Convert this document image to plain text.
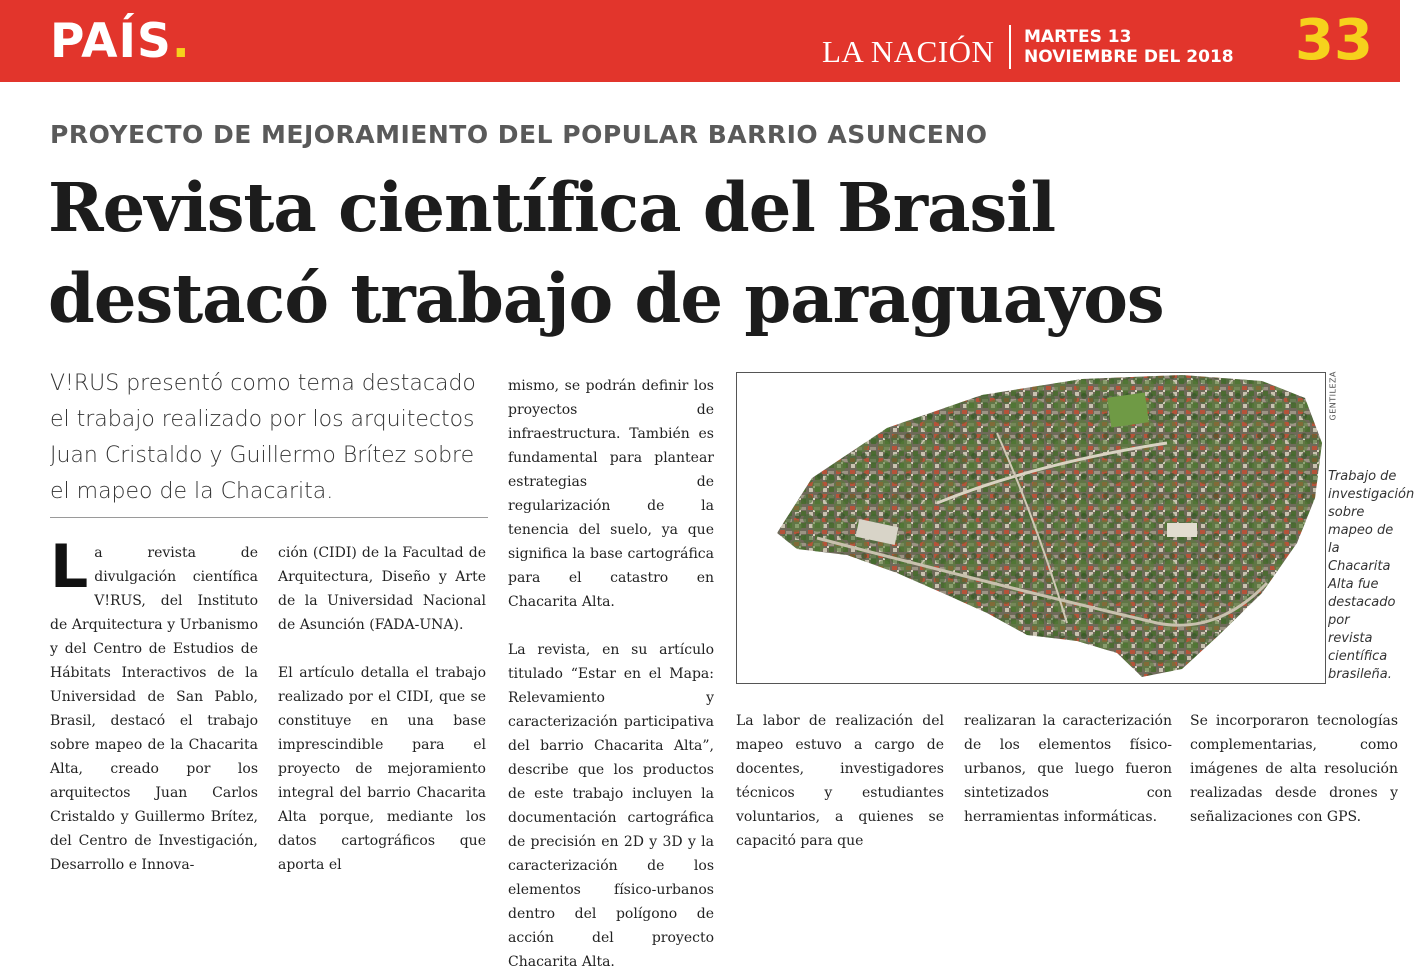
PAÍS.	LA NACIÓN MARTES 13
NOVIEMBRE DEL 2018 33
PROYECTO DE MEJORAMIENTO DEL POPULAR BARRIO ASUNCENO
Revista científica del Brasil
destacó trabajo de paraguayos
V!RUS presentó como tema destacado el trabajo realizado por los arquitectos Juan Cristaldo y Guillermo Brítez sobre el mapeo de la Chacarita.
L a revista de divulgación científica V!RUS, del Instituto de Arquitectura y Urbanismo y del Centro de Estudios de Hábitats Interactivos de la Universidad de San Pablo, Brasil, destacó el trabajo sobre mapeo de la Chacarita Alta, creado por los arquitectos Juan Carlos Cristaldo y Guillermo Brítez, del Centro de Investigación, Desarrollo e Innova-

ción (CIDI) de la Facultad de Arquitectura, Diseño y Arte de la Universidad Nacional de Asunción (FADA-UNA).

El artículo detalla el trabajo realizado por el CIDI, que se constituye en una base imprescindible para el proyecto de mejoramiento integral del barrio Chacarita Alta porque, mediante los datos cartográficos que aporta el

mismo, se podrán definir los proyectos de infraestructura. También es fundamental para plantear estrategias de regularización de la tenencia del suelo, ya que significa la base cartográfica para el catastro en Chacarita Alta.

La revista, en su artículo titulado “Estar en el Mapa: Relevamiento y caracterización participativa del barrio Chacarita Alta”, describe que los productos de este trabajo incluyen la documentación cartográfica de precisión en 2D y 3D y la caracterización de los elementos físico-urbanos dentro del polígono de acción del proyecto Chacarita Alta.

GENTILEZA
Trabajo de investigación sobre mapeo de la Chacarita Alta fue destacado por revista científica brasileña.

La labor de realización del mapeo estuvo a cargo de docentes, investigadores técnicos y estudiantes voluntarios, a quienes se capacitó para que

realizaran la caracterización de los elementos físico-urbanos, que luego fueron sintetizados con herramientas informáticas.

Se incorporaron tecnologías complementarias, como imágenes de alta resolución realizadas desde drones y señalizaciones con GPS.
